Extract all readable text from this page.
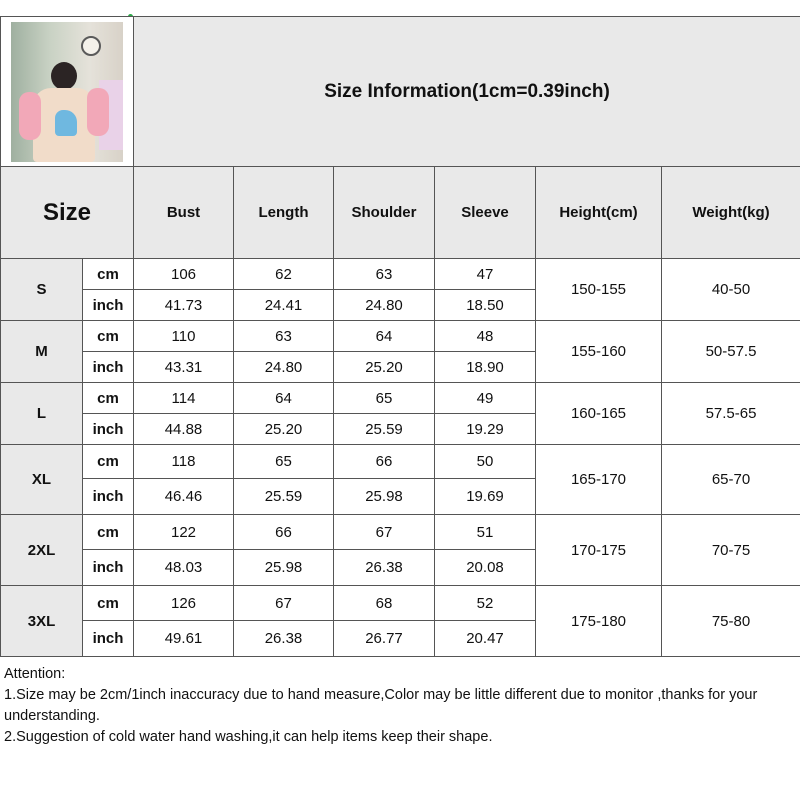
		Size Information(1cm=0.39inch)					
Size		Bust	Length	Shoulder	Sleeve	Height(cm)	Weight(kg)
S	cm	106	62	63	47	150-155	40-50
	inch	41.73	24.41	24.80	18.50		
M	cm	110	63	64	48	155-160	50-57.5
	inch	43.31	24.80	25.20	18.90		
L	cm	114	64	65	49	160-165	57.5-65
	inch	44.88	25.20	25.59	19.29		
XL	cm	118	65	66	50	165-170	65-70
	inch	46.46	25.59	25.98	19.69		
2XL	cm	122	66	67	51	170-175	70-75
	inch	48.03	25.98	26.38	20.08		
3XL	cm	126	67	68	52	175-180	75-80
	inch	49.61	26.38	26.77	20.47		
Attention:
1.Size may be 2cm/1inch inaccuracy due to hand measure,Color may be little different due to monitor ,thanks for your understanding.
2.Suggestion of cold water hand washing,it can help items keep their shape.
